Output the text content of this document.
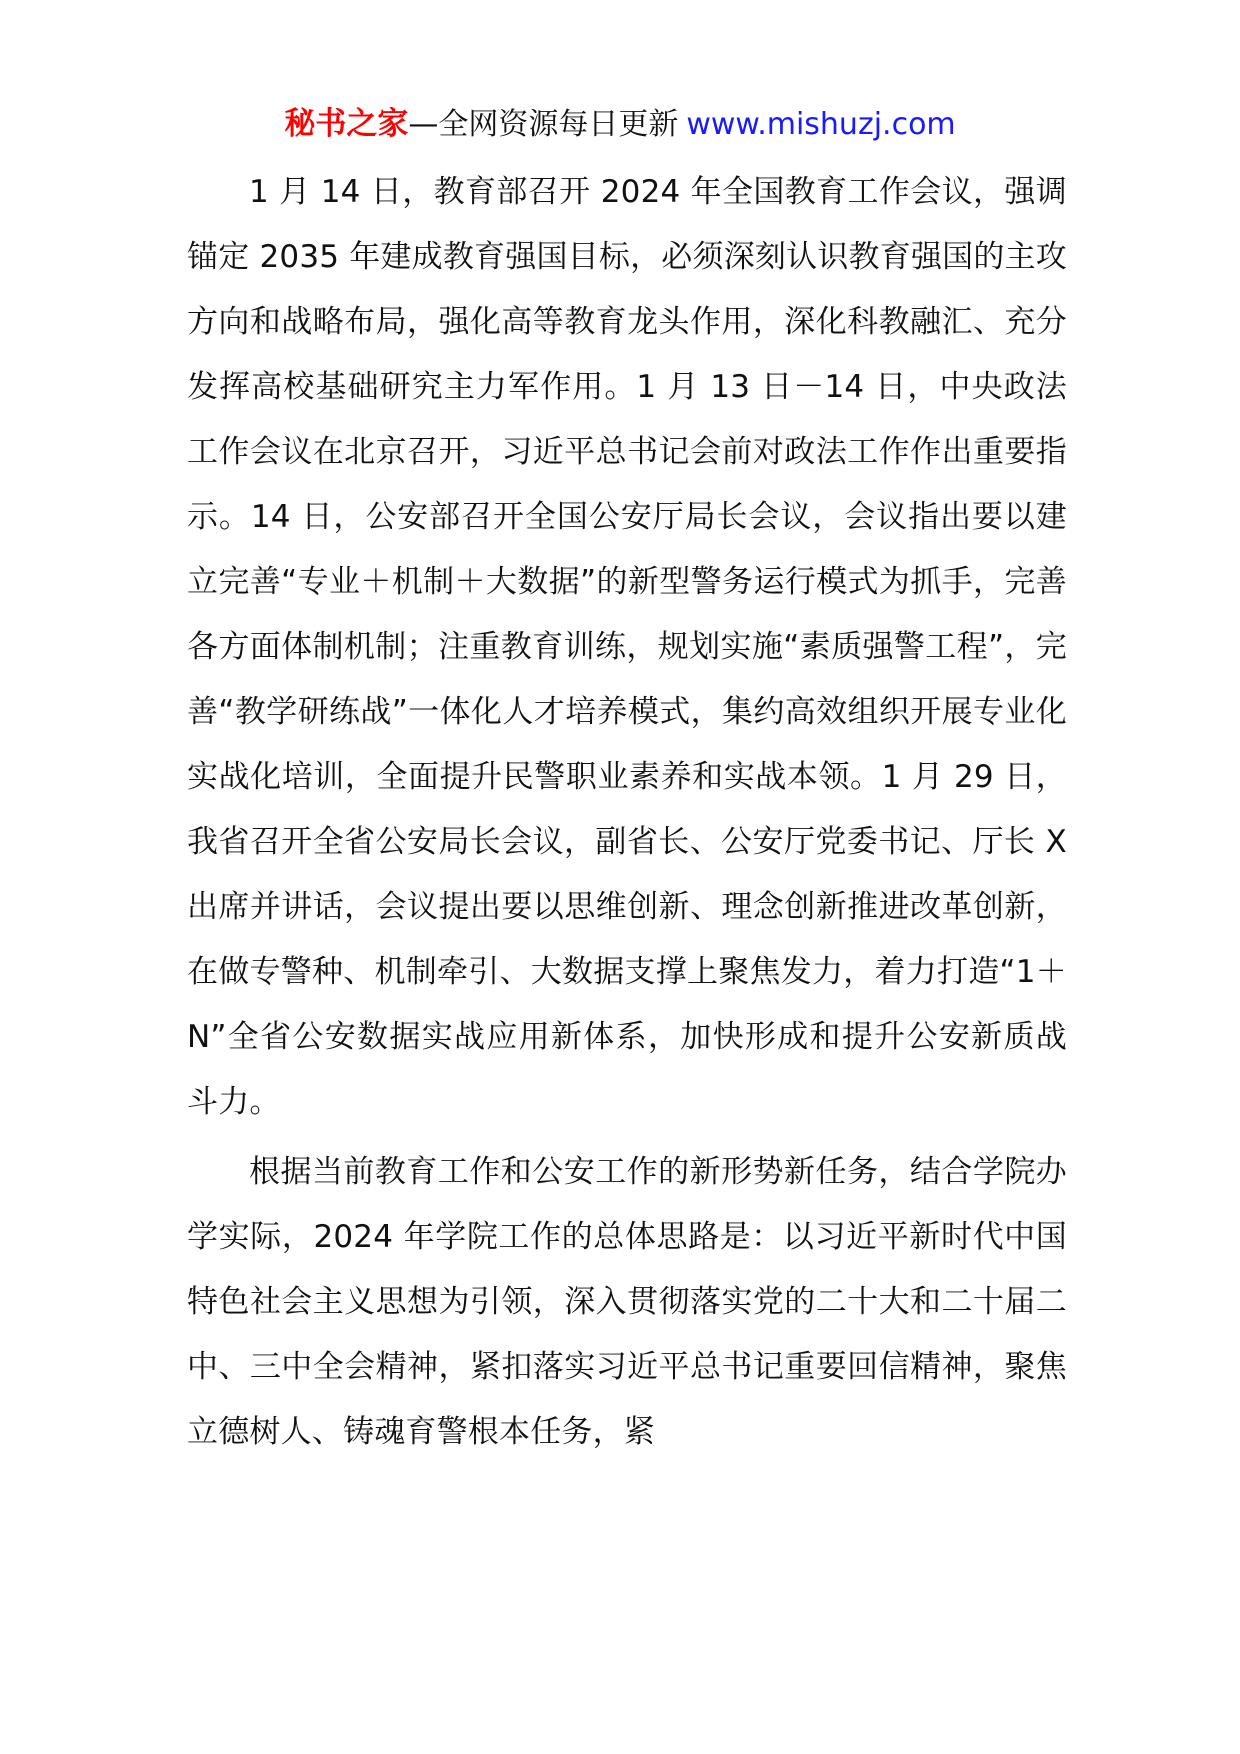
秘书之家—全网资源每日更新 www.mishuzj.com

1 月 14 日，教育部召开 2024 年全国教育工作会议，强调锚定 2035 年建成教育强国目标，必须深刻认识教育强国的主攻方向和战略布局，强化高等教育龙头作用，深化科教融汇、充分发挥高校基础研究主力军作用。1 月 13 日－14 日，中央政法工作会议在北京召开，习近平总书记会前对政法工作作出重要指示。14 日，公安部召开全国公安厅局长会议，会议指出要以建立完善“专业＋机制＋大数据”的新型警务运行模式为抓手，完善各方面体制机制；注重教育训练，规划实施“素质强警工程”，完善“教学研练战”一体化人才培养模式，集约高效组织开展专业化实战化培训，全面提升民警职业素养和实战本领。1 月 29 日，我省召开全省公安局长会议，副省长、公安厅党委书记、厅长 X 出席并讲话，会议提出要以思维创新、理念创新推进改革创新，在做专警种、机制牵引、大数据支撑上聚焦发力，着力打造“1＋N”全省公安数据实战应用新体系，加快形成和提升公安新质战斗力。

根据当前教育工作和公安工作的新形势新任务，结合学院办学实际，2024 年学院工作的总体思路是：以习近平新时代中国特色社会主义思想为引领，深入贯彻落实党的二十大和二十届二中、三中全会精神，紧扣落实习近平总书记重要回信精神，聚焦立德树人、铸魂育警根本任务，紧
